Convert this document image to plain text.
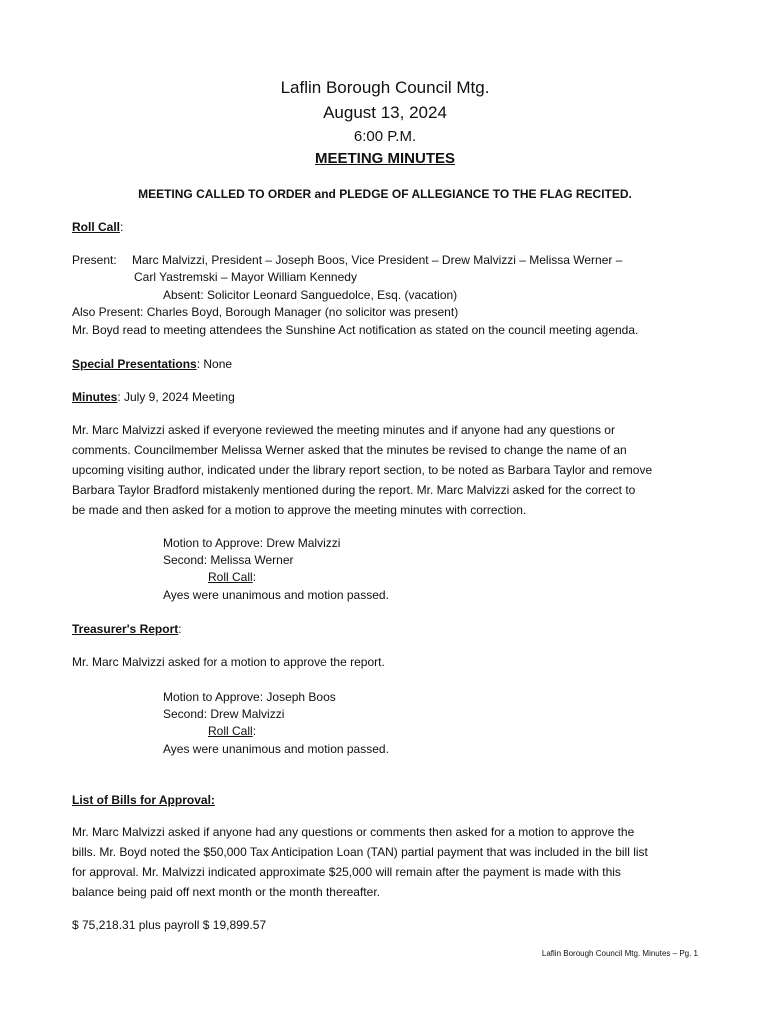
Laflin Borough Council Mtg.
August 13, 2024
6:00 P.M.
MEETING MINUTES
MEETING CALLED TO ORDER and PLEDGE OF ALLEGIANCE TO THE FLAG RECITED.
Roll Call:
Present: Marc Malvizzi, President – Joseph Boos, Vice President – Drew Malvizzi – Melissa Werner –
Carl Yastremski – Mayor William Kennedy
Absent: Solicitor Leonard Sanguedolce, Esq. (vacation)
Also Present: Charles Boyd, Borough Manager (no solicitor was present)
Mr. Boyd read to meeting attendees the Sunshine Act notification as stated on the council meeting agenda.
Special Presentations: None
Minutes: July 9, 2024 Meeting
Mr. Marc Malvizzi asked if everyone reviewed the meeting minutes and if anyone had any questions or
comments. Councilmember Melissa Werner asked that the minutes be revised to change the name of an
upcoming visiting author, indicated under the library report section, to be noted as Barbara Taylor and remove
Barbara Taylor Bradford mistakenly mentioned during the report. Mr. Marc Malvizzi asked for the correct to
be made and then asked for a motion to approve the meeting minutes with correction.
Motion to Approve: Drew Malvizzi
Second: Melissa Werner
Roll Call:
Ayes were unanimous and motion passed.
Treasurer's Report:
Mr. Marc Malvizzi asked for a motion to approve the report.
Motion to Approve: Joseph Boos
Second: Drew Malvizzi
Roll Call:
Ayes were unanimous and motion passed.
List of Bills for Approval:
Mr. Marc Malvizzi asked if anyone had any questions or comments then asked for a motion to approve the
bills. Mr. Boyd noted the $50,000 Tax Anticipation Loan (TAN) partial payment that was included in the bill list
for approval. Mr. Malvizzi indicated approximate $25,000 will remain after the payment is made with this
balance being paid off next month or the month thereafter.
$ 75,218.31 plus payroll $ 19,899.57
Laflin Borough Council Mtg. Minutes – Pg. 1
